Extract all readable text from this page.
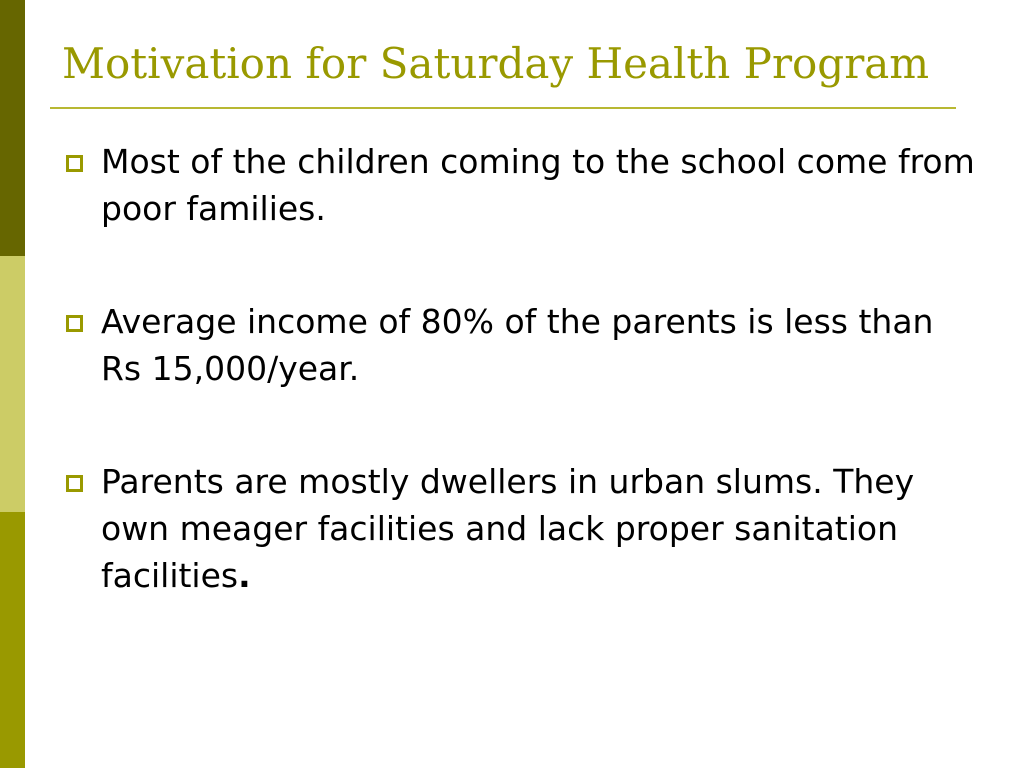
Motivation for Saturday Health Program
Most of the children coming to the school come from  poor families.
Average income of 80% of the parents is less than Rs 15,000/year.
Parents are mostly dwellers in urban slums. They own meager facilities and lack proper sanitation facilities.
